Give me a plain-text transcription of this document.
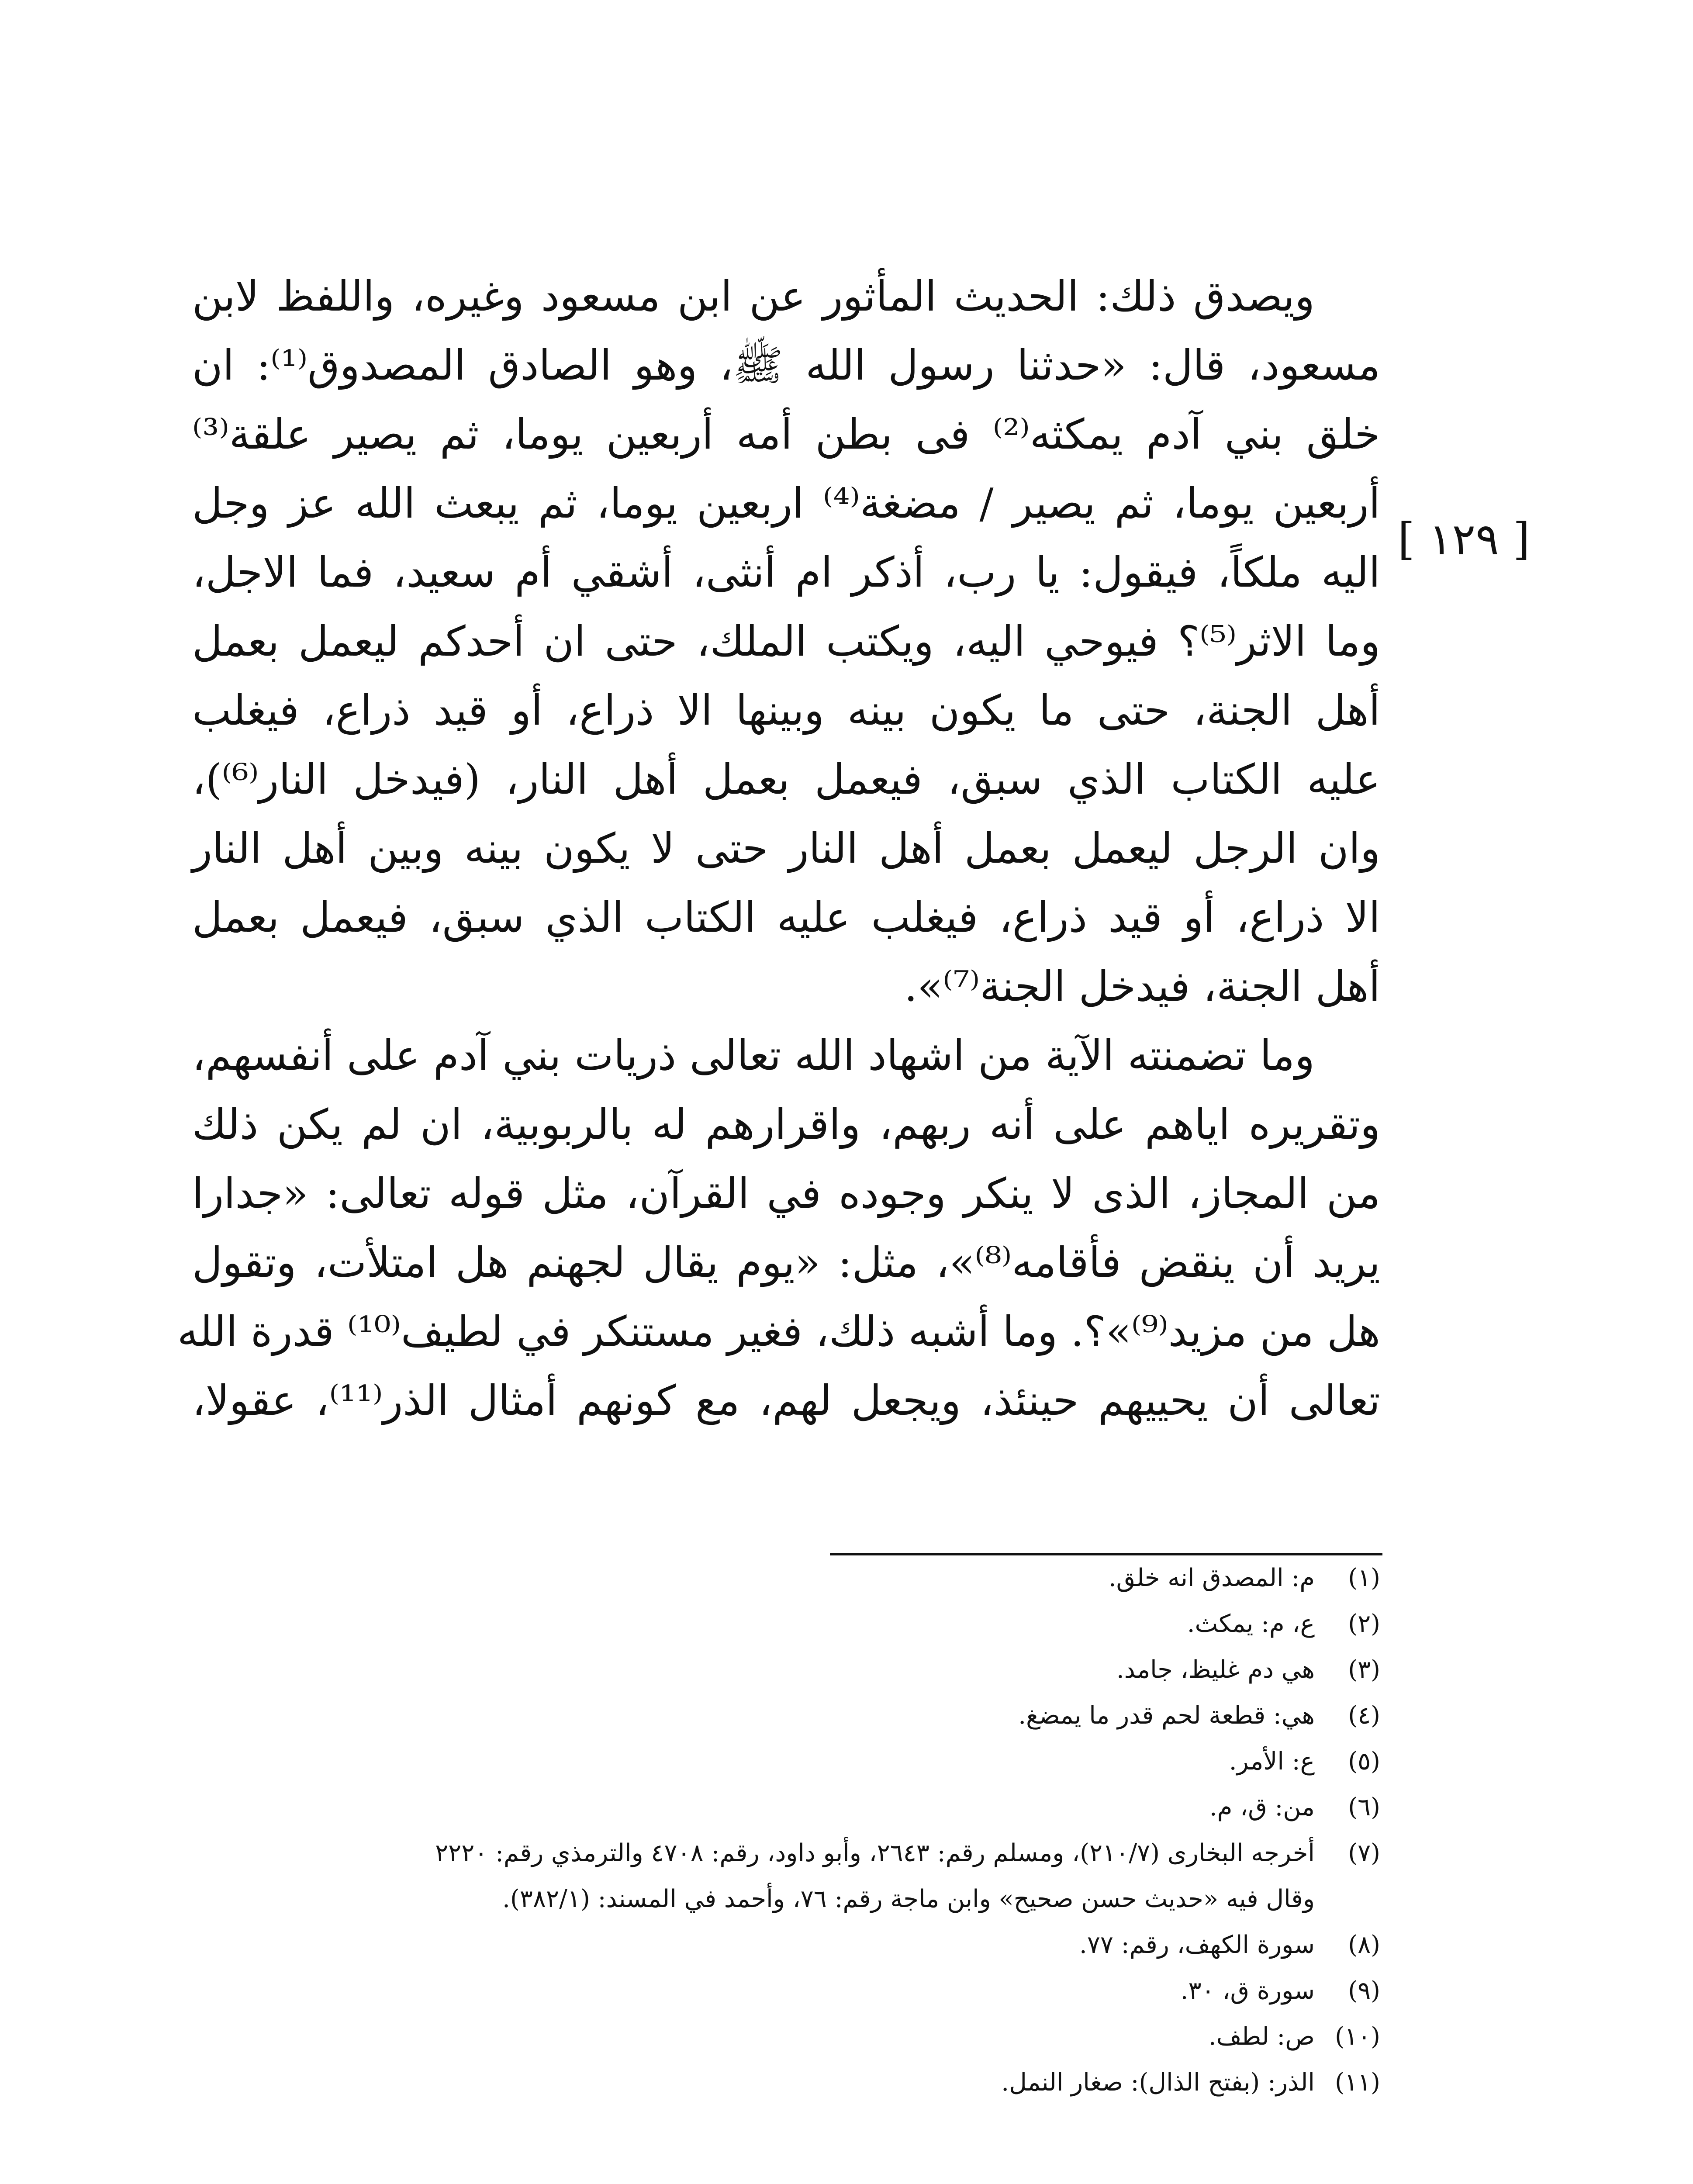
ويصدق ذلك: الحديث المأثور عن ابن مسعود وغيره، واللفظ لابن
مسعود، قال: «حدثنا رسول الله ﷺ، وهو الصادق المصدوق⁽¹⁾: ان
خلق بني آدم يمكثه⁽²⁾ فى بطن أمه أربعين يوما، ثم يصير علقة⁽³⁾
أربعين يوما، ثم يصير / مضغة⁽⁴⁾ اربعين يوما، ثم يبعث الله عز وجل
اليه ملكاً، فيقول: يا رب، أذكر ام أنثى، أشقي أم سعيد، فما الاجل،
وما الاثر⁽⁵⁾؟ فيوحي اليه، ويكتب الملك، حتى ان أحدكم ليعمل بعمل
أهل الجنة، حتى ما يكون بينه وبينها الا ذراع، أو قيد ذراع، فيغلب
عليه الكتاب الذي سبق، فيعمل بعمل أهل النار، (فيدخل النار⁽⁶⁾)،
وان الرجل ليعمل بعمل أهل النار حتى لا يكون بينه وبين أهل النار
الا ذراع، أو قيد ذراع، فيغلب عليه الكتاب الذي سبق، فيعمل بعمل
أهل الجنة، فيدخل الجنة⁽⁷⁾».
وما تضمنته الآية من اشهاد الله تعالى ذريات بني آدم على أنفسهم،
وتقريره اياهم على أنه ربهم، واقرارهم له بالربوبية، ان لم يكن ذلك
من المجاز، الذى لا ينكر وجوده في القرآن، مثل قوله تعالى: «جدارا
يريد أن ينقض فأقامه⁽⁸⁾»، مثل: «يوم يقال لجهنم هل امتلأت، وتقول
هل من مزيد⁽⁹⁾»؟. وما أشبه ذلك، فغير مستنكر في لطيف⁽¹⁰⁾ قدرة الله
تعالى أن يحييهم حينئذ، ويجعل لهم، مع كونهم أمثال الذر⁽¹¹⁾، عقولا،
[ ١٢٩ ]
(١)
م: المصدق انه خلق.
(٢)
ع، م: يمكث.
(٣)
هي دم غليظ، جامد.
(٤)
هي: قطعة لحم قدر ما يمضغ.
(٥)
ع: الأمر.
(٦)
من: ق، م.
(٧)
أخرجه البخارى (٢١٠/٧)، ومسلم رقم: ٢٦٤٣، وأبو داود، رقم: ٤٧٠٨ والترمذي رقم: ٢٢٢٠
وقال فيه «حديث حسن صحيح» وابن ماجة رقم: ٧٦، وأحمد في المسند: (٣٨٢/١).
(٨)
سورة الكهف، رقم: ٧٧.
(٩)
سورة ق، ٣٠.
(١٠)
ص: لطف.
(١١)
الذر: (بفتح الذال): صغار النمل.
